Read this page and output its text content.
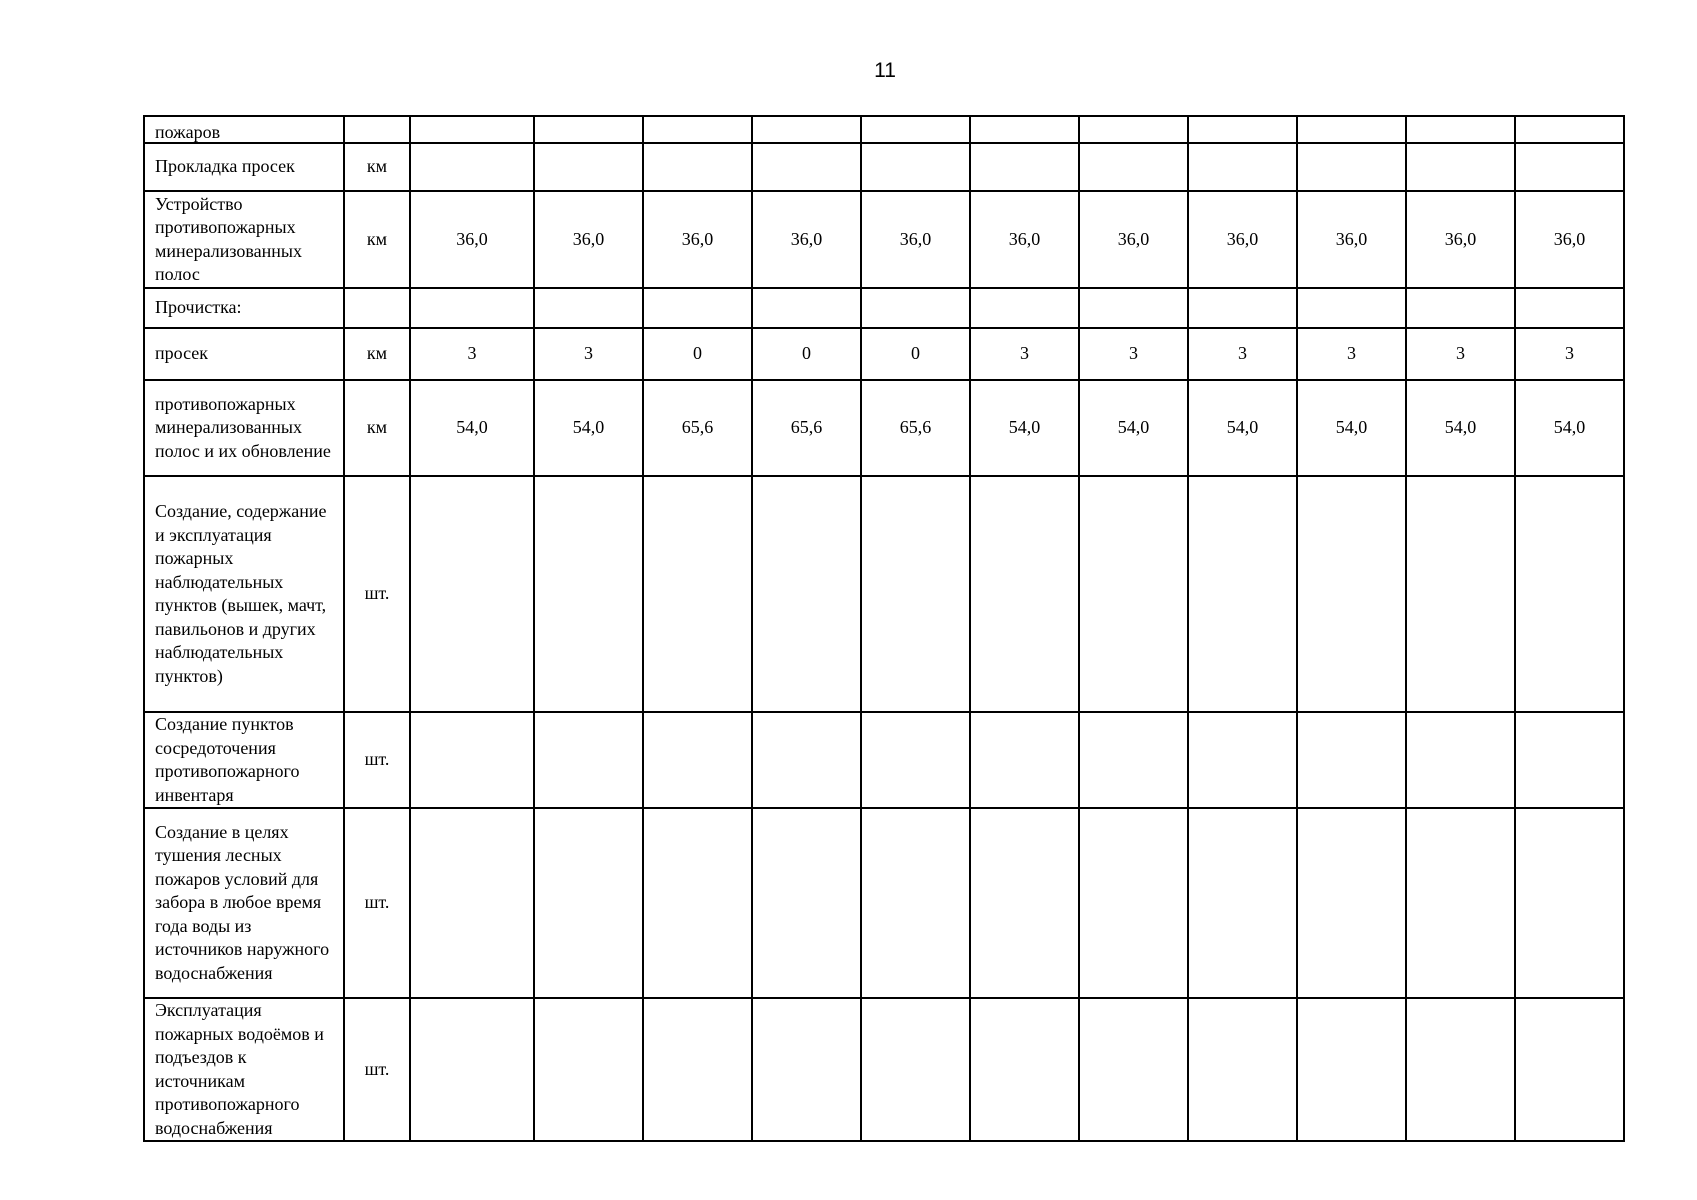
11
пожаров												
Прокладка просек	км											
Устройство противопожарных минерализованных полос	км	36,0	36,0	36,0	36,0	36,0	36,0	36,0	36,0	36,0	36,0	36,0
Прочистка:												
просек	км	3	3	0	0	0	3	3	3	3	3	3
противопожарных минерализованных полос и их обновление	км	54,0	54,0	65,6	65,6	65,6	54,0	54,0	54,0	54,0	54,0	54,0
Создание, содержание и эксплуатация пожарных наблюдательных пунктов (вышек, мачт, павильонов и других наблюдательных пунктов)	шт.											
Создание пунктов сосредоточения противопожарного инвентаря	шт.											
Создание в целях тушения лесных пожаров условий для забора в любое время года воды из источников наружного водоснабжения	шт.											
Эксплуатация пожарных водоёмов и подъездов к источникам противопожарного водоснабжения	шт.											
